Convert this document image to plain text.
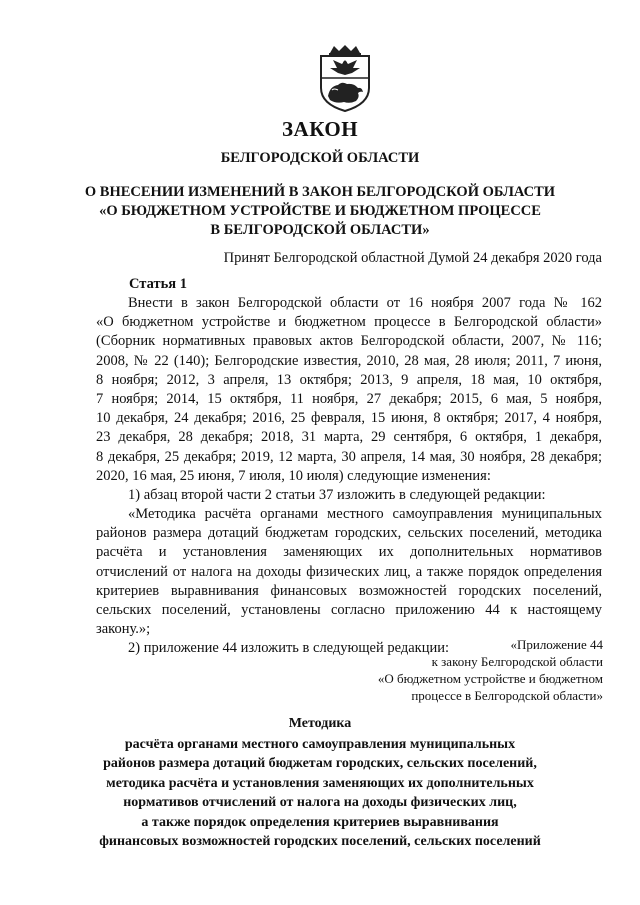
ЗАКОН
БЕЛГОРОДСКОЙ ОБЛАСТИ
О ВНЕСЕНИИ ИЗМЕНЕНИЙ В ЗАКОН БЕЛГОРОДСКОЙ ОБЛАСТИ
«О БЮДЖЕТНОМ УСТРОЙСТВЕ И БЮДЖЕТНОМ ПРОЦЕССЕ
В БЕЛГОРОДСКОЙ ОБЛАСТИ»
Принят Белгородской областной Думой 24 декабря 2020 года
Статья 1
Внести в закон Белгородской области от 16 ноября 2007 года № 162
«О бюджетном устройстве и бюджетном процессе в Белгородской области»
(Сборник нормативных правовых актов Белгородской области, 2007, № 116;
2008, № 22 (140); Белгородские известия, 2010, 28 мая, 28 июля; 2011, 7 июня,
8 ноября; 2012, 3 апреля, 13 октября; 2013, 9 апреля, 18 мая, 10 октября,
7 ноября; 2014, 15 октября, 11 ноября, 27 декабря; 2015, 6 мая, 5 ноября,
10 декабря, 24 декабря; 2016, 25 февраля, 15 июня, 8 октября; 2017, 4 ноября,
23 декабря, 28 декабря; 2018, 31 марта, 29 сентября, 6 октября, 1 декабря,
8 декабря, 25 декабря; 2019, 12 марта, 30 апреля, 14 мая, 30 ноября, 28 декабря;
2020, 16 мая, 25 июня, 7 июля, 10 июля) следующие изменения:
1) абзац второй части 2 статьи 37 изложить в следующей редакции:
«Методика расчёта органами местного самоуправления муниципальных
районов размера дотаций бюджетам городских, сельских поселений, методика
расчёта и установления заменяющих их дополнительных нормативов
отчислений от налога на доходы физических лиц, а также порядок определения
критериев выравнивания финансовых возможностей городских поселений,
сельских поселений, установлены согласно приложению 44 к настоящему
закону.»;
2) приложение 44 изложить в следующей редакции:	«Приложение 44
к закону Белгородской области
«О бюджетном устройстве и бюджетном
процессе в Белгородской области»
Методика
расчёта органами местного самоуправления муниципальных
районов размера дотаций бюджетам городских, сельских поселений,
методика расчёта и установления заменяющих их дополнительных
нормативов отчислений от налога на доходы физических лиц,
а также порядок определения критериев выравнивания
финансовых возможностей городских поселений, сельских поселений
